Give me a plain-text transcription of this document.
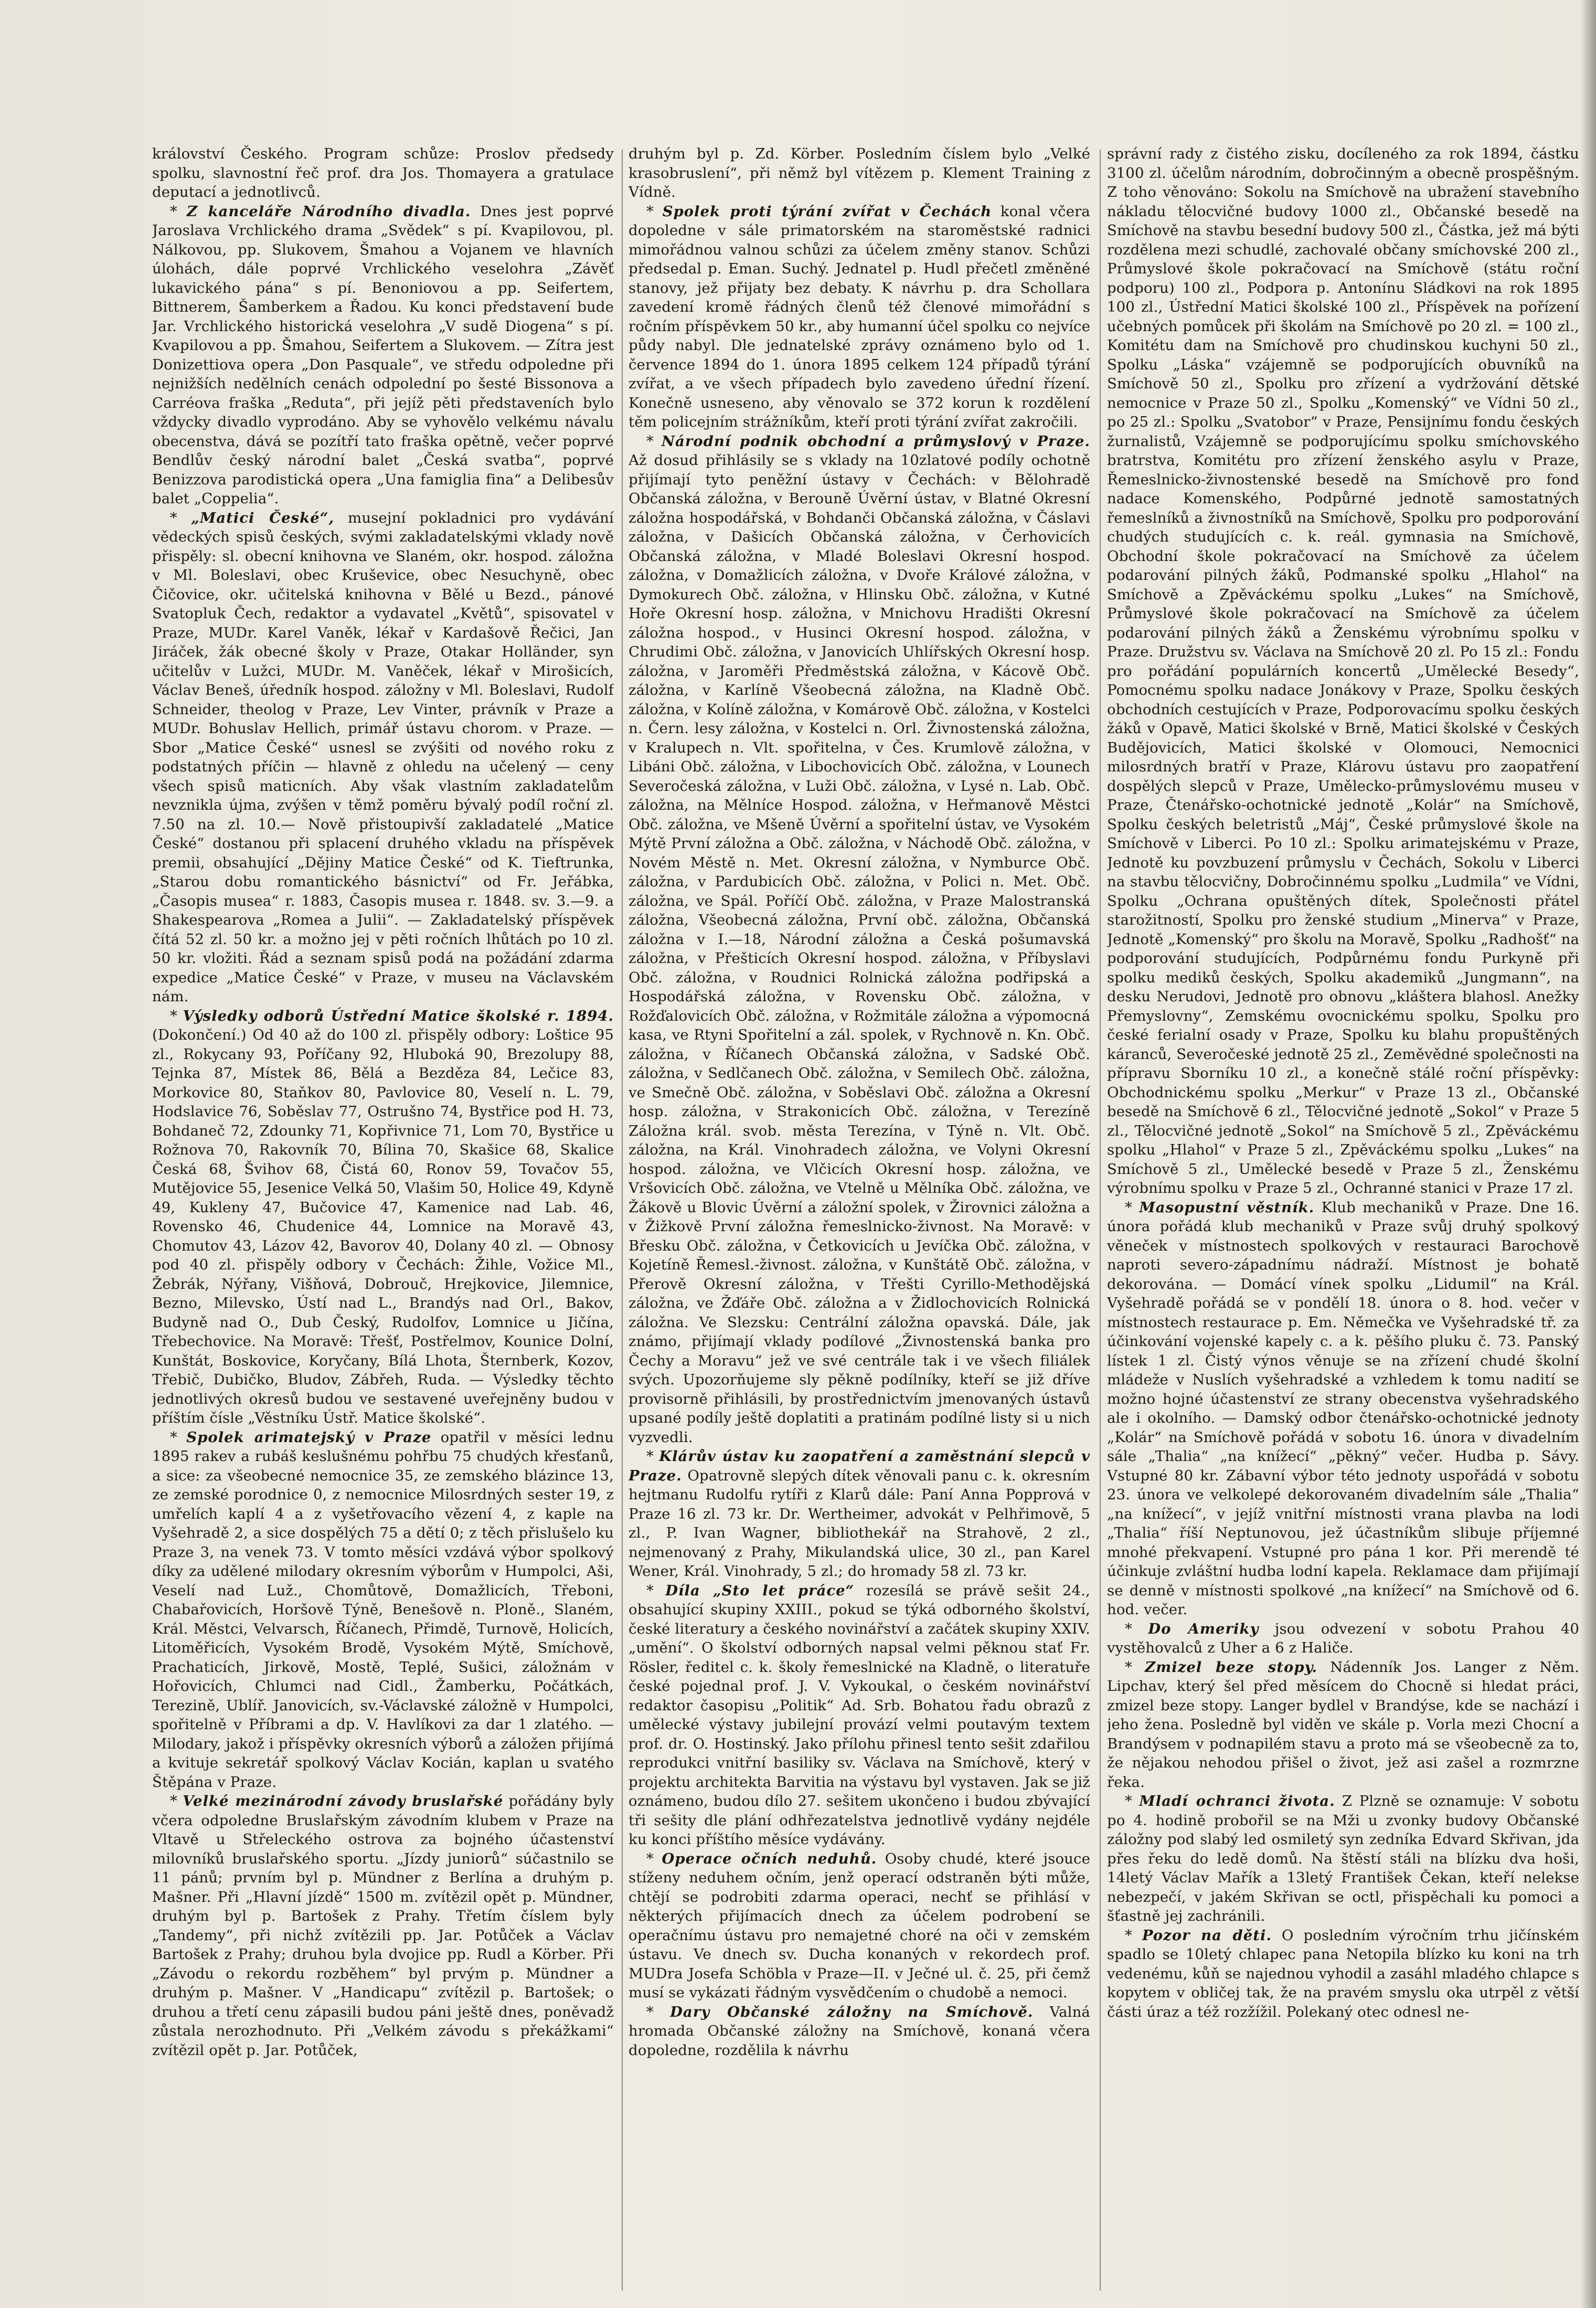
království Českého. Program schůze: Proslov předsedy spolku, slavnostní řeč prof. dra Jos. Thomayera a gratulace deputací a jednotlivců.

* Z kanceláře Národního divadla. Dnes jest poprvé Jaroslava Vrchlického drama „Svědek“ s pí. Kvapilovou, pl. Nálkovou, pp. Slukovem, Šmahou a Vojanem ve hlavních úlohách, dále poprvé Vrchlického veselohra „Závěť lukavického pána“ s pí. Benoniovou a pp. Seifertem, Bittnerem, Šamberkem a Řadou. Ku konci představení bude Jar. Vrchlického historická veselohra „V sudě Diogena“ s pí. Kvapilovou a pp. Šmahou, Seifertem a Slukovem. — Zítra jest Donizettiova opera „Don Pasquale“, ve středu odpoledne při nejnižších nedělních cenách odpolední po šesté Bissonova a Carréova fraška „Reduta“, při jejíž pěti představeních bylo vždycky divadlo vyprodáno. Aby se vyhovělo velkému návalu obecenstva, dává se pozítří tato fraška opětně, večer poprvé Bendlův český národní balet „Česká svatba“, poprvé Benizzova parodistická opera „Una famiglia fina“ a Delibesův balet „Coppelia“.

* „Matici České“, musejní pokladnici pro vydávání vědeckých spisů českých, svými zakladatelskými vklady nově přispěly: sl. obecní knihovna ve Slaném, okr. hospod. záložna v Ml. Boleslavi, obec Kruševice, obec Nesuchyně, obec Čičovice, okr. učitelská knihovna v Bělé u Bezd., pánové Svatopluk Čech, redaktor a vydavatel „Květů“, spisovatel v Praze, MUDr. Karel Vaněk, lékař v Kardašově Řečici, Jan Jiráček, žák obecné školy v Praze, Otakar Holländer, syn učitelův v Lužci, MUDr. M. Vaněček, lékař v Mirošicích, Václav Beneš, úředník hospod. záložny v Ml. Boleslavi, Rudolf Schneider, theolog v Praze, Lev Vinter, právník v Praze a MUDr. Bohuslav Hellich, primář ústavu chorom. v Praze. — Sbor „Matice České“ usnesl se zvýšiti od nového roku z podstatných příčin — hlavně z ohledu na učelený — ceny všech spisů maticních. Aby však vlastním zakladatelům nevznikla újma, zvýšen v těmž poměru bývalý podíl roční zl. 7.50 na zl. 10.— Nově přistoupivší zakladatelé „Matice České“ dostanou při splacení druhého vkladu na příspěvek premii, obsahující „Dějiny Matice České“ od K. Tieftrunka, „Starou dobu romantického básnictví“ od Fr. Jeřábka, „Časopis musea“ r. 1883, Časopis musea r. 1848. sv. 3.—9. a Shakespearova „Romea a Julii“. — Zakladatelský příspěvek čítá 52 zl. 50 kr. a možno jej v pěti ročních lhůtách po 10 zl. 50 kr. vložiti. Řád a seznam spisů podá na požádání zdarma expedice „Matice České“ v Praze, v museu na Václavském nám.

* Výsledky odborů Ústřední Matice školské r. 1894. (Dokončení.) Od 40 až do 100 zl. přispěly odbory: Loštice 95 zl., Rokycany 93, Poříčany 92, Hluboká 90, Brezolupy 88, Tejnka 87, Místek 86, Bělá a Bezděza 84, Lečice 83, Morkovice 80, Staňkov 80, Pavlovice 80, Veselí n. L. 79, Hodslavice 76, Soběslav 77, Ostrušno 74, Bystřice pod H. 73, Bohdaneč 72, Zdounky 71, Kopřivnice 71, Lom 70, Bystřice u Rožnova 70, Rakovník 70, Bílina 70, Skašice 68, Skalice Česká 68, Švihov 68, Čistá 60, Ronov 59, Tovačov 55, Mutějovice 55, Jesenice Velká 50, Vlašim 50, Holice 49, Kdyně 49, Kukleny 47, Bučovice 47, Kamenice nad Lab. 46, Rovensko 46, Chudenice 44, Lomnice na Moravě 43, Chomutov 43, Lázov 42, Bavorov 40, Dolany 40 zl. — Obnosy pod 40 zl. přispěly odbory v Čechách: Žihle, Vožice Ml., Žebrák, Nýřany, Višňová, Dobrouč, Hrejkovice, Jilemnice, Bezno, Milevsko, Ústí nad L., Brandýs nad Orl., Bakov, Budyně nad O., Dub Český, Rudolfov, Lomnice u Jičína, Třebechovice. Na Moravě: Třešť, Postřelmov, Kounice Dolní, Kunštát, Boskovice, Koryčany, Bílá Lhota, Šternberk, Kozov, Třebič, Dubičko, Bludov, Zábřeh, Ruda. — Výsledky těchto jednotlivých okresů budou ve sestavené uveřejněny budou v příštím čísle „Věstníku Ústř. Matice školské“.

* Spolek arimatejský v Praze opatřil v měsíci lednu 1895 rakev a rubáš keslušnému pohřbu 75 chudých křesťanů, a sice: za všeobecné nemocnice 35, ze zemského blázince 13, ze zemské porodnice 0, z nemocnice Milosrdných sester 19, z umřelích kaplí 4 a z vyšetřovacího vězení 4, z kaple na Vyšehradě 2, a sice dospělých 75 a dětí 0; z těch přislušelo ku Praze 3, na venek 73. V tomto měsíci vzdává výbor spolkový díky za udělené milodary okresním výborům v Humpolci, Aši, Veselí nad Luž., Chomůtově, Domažlicích, Třeboni, Chabařovicích, Horšově Týně, Benešově n. Ploně., Slaném, Král. Městci, Velvarsch, Říčanech, Přimdě, Turnově, Holicích, Litoměřicích, Vysokém Brodě, Vysokém Mýtě, Smíchově, Prachaticích, Jirkově, Mostě, Teplé, Sušici, záložnám v Hořovicích, Chlumci nad Cidl., Žamberku, Počátkách, Terezině, Ublíř. Janovicích, sv.-Václavské záložně v Humpolci, spořitelně v Příbrami a dp. V. Havlíkovi za dar 1 zlatého. — Milodary, jakož i příspěvky okresních výborů a záložen přijímá a kvituje sekretář spolkový Václav Kocián, kaplan u svatého Štěpána v Praze.

* Velké mezinárodní závody bruslařské pořádány byly včera odpoledne Bruslařským závodním klubem v Praze na Vltavě u Střeleckého ostrova za bojného účastenství milovníků bruslařského sportu. „Jízdy juniorů“ súčastnilo se 11 pánů; prvním byl p. Mündner z Berlína a druhým p. Mašner. Při „Hlavní jízdě“ 1500 m. zvítězil opět p. Mündner, druhým byl p. Bartošek z Prahy. Třetím číslem byly „Tandemy“, při nichž zvítězili pp. Jar. Potůček a Václav Bartošek z Prahy; druhou byla dvojice pp. Rudl a Körber. Při „Závodu o rekordu rozběhem“ byl prvým p. Mündner a druhým p. Mašner. V „Handicapu“ zvítězil p. Bartošek; o druhou a třetí cenu zápasili budou páni ještě dnes, poněvadž zůstala nerozhodnuto. Při „Velkém závodu s překážkami“ zvítězil opět p. Jar. Potůček,

druhým byl p. Zd. Körber. Posledním číslem bylo „Velké krasobruslení“, při němž byl vítězem p. Klement Training z Vídně.

* Spolek proti týrání zvířat v Čechách konal včera dopoledne v sále primatorském na staroměstské radnici mimořádnou valnou schůzi za účelem změny stanov. Schůzi předsedal p. Eman. Suchý. Jednatel p. Hudl přečetl změněné stanovy, jež přijaty bez debaty. K návrhu p. dra Schollara zavedení kromě řádných členů též členové mimořádní s ročním příspěvkem 50 kr., aby humanní účel spolku co nejvíce půdy nabyl. Dle jednatelské zprávy oznámeno bylo od 1. července 1894 do 1. února 1895 celkem 124 případů týrání zvířat, a ve všech případech bylo zavedeno úřední řízení. Konečně usneseno, aby věnovalo se 372 korun k rozdělení těm policejním strážníkům, kteří proti týrání zvířat zakročili.

* Národní podnik obchodní a průmyslový v Praze. Až dosud přihlásily se s vklady na 10zlatové podíly ochotně přijímají tyto peněžní ústavy v Čechách: v Bělohradě Občanská záložna, v Berouně Úvěrní ústav, v Blatné Okresní záložna hospodářská, v Bohdanči Občanská záložna, v Čáslavi záložna, v Dašicích Občanská záložna, v Čerhovicích Občanská záložna, v Mladé Boleslavi Okresní hospod. záložna, v Domažlicích záložna, v Dvoře Králové záložna, v Dymokurech Obč. záložna, v Hlinsku Obč. záložna, v Kutné Hoře Okresní hosp. záložna, v Mnichovu Hradišti Okresní záložna hospod., v Husinci Okresní hospod. záložna, v Chrudimi Obč. záložna, v Janovicích Uhlířských Okresní hosp. záložna, v Jaroměři Předměstská záložna, v Kácově Obč. záložna, v Karlíně Všeobecná záložna, na Kladně Obč. záložna, v Kolíně záložna, v Komárově Obč. záložna, v Kostelci n. Čern. lesy záložna, v Kostelci n. Orl. Živnostenská záložna, v Kralupech n. Vlt. spořitelna, v Čes. Krumlově záložna, v Libáni Obč. záložna, v Libochovicích Obč. záložna, v Lounech Severočeská záložna, v Luži Obč. záložna, v Lysé n. Lab. Obč. záložna, na Mělníce Hospod. záložna, v Heřmanově Městci Obč. záložna, ve Mšeně Úvěrní a spořitelní ústav, ve Vysokém Mýtě První záložna a Obč. záložna, v Náchodě Obč. záložna, v Novém Městě n. Met. Okresní záložna, v Nymburce Obč. záložna, v Pardubicích Obč. záložna, v Polici n. Met. Obč. záložna, ve Spál. Poříčí Obč. záložna, v Praze Malostranská záložna, Všeobecná záložna, První obč. záložna, Občanská záložna v I.—18, Národní záložna a Česká pošumavská záložna, v Přešticích Okresní hospod. záložna, v Příbyslavi Obč. záložna, v Roudnici Rolnická záložna podřipská a Hospodářská záložna, v Rovensku Obč. záložna, v Rožďalovicích Obč. záložna, v Rožmitále záložna a výpomocná kasa, ve Rtyni Spořitelní a zál. spolek, v Rychnově n. Kn. Obč. záložna, v Říčanech Občanská záložna, v Sadské Obč. záložna, v Sedlčanech Obč. záložna, v Semilech Obč. záložna, ve Smečně Obč. záložna, v Soběslavi Obč. záložna a Okresní hosp. záložna, v Strakonicích Obč. záložna, v Terezíně Záložna král. svob. města Terezína, v Týně n. Vlt. Obč. záložna, na Král. Vinohradech záložna, ve Volyni Okresní hospod. záložna, ve Vlčicích Okresní hosp. záložna, ve Vršovicích Obč. záložna, ve Vtelně u Mělníka Obč. záložna, ve Žákově u Blovic Úvěrní a záložní spolek, v Žirovnici záložna a v Žižkově První záložna řemeslnicko-živnost. Na Moravě: v Břesku Obč. záložna, v Četkovicích u Jevíčka Obč. záložna, v Kojetíně Řemesl.-živnost. záložna, v Kunštátě Obč. záložna, v Přerově Okresní záložna, v Třešti Cyrillo-Methodějská záložna, ve Žďáře Obč. záložna a v Židlochovicích Rolnická záložna. Ve Slezsku: Centrální záložna opavská. Dále, jak známo, přijímají vklady podílové „Živnostenská banka pro Čechy a Moravu“ jež ve své centrále tak i ve všech filiálek svých. Upozorňujeme sly pěkně podílníky, kteří se již dříve provisorně přihlásili, by prostřednictvím jmenovaných ústavů upsané podíly ještě doplatiti a pratinám podílné listy si u nich vyzvedli.

* Klárův ústav ku zaopatření a zaměstnání slepců v Praze. Opatrovně slepých dítek věnovali panu c. k. okresním hejtmanu Rudolfu rytíři z Klarů dále: Paní Anna Popprová v Praze 16 zl. 73 kr. Dr. Wertheimer, advokát v Pelhřimově, 5 zl., P. Ivan Wagner, bibliothekář na Strahově, 2 zl., nejmenovaný z Prahy, Mikulandská ulice, 30 zl., pan Karel Wener, Král. Vinohrady, 5 zl.; do hromady 58 zl. 73 kr.

* Díla „Sto let práce“ rozesílá se právě sešit 24., obsahující skupiny XXIII., pokud se týká odborného školství, české literatury a českého novinářství a začátek skupiny XXIV. „umění“. O školství odborných napsal velmi pěknou stať Fr. Rösler, ředitel c. k. školy řemeslnické na Kladně, o literatuře české pojednal prof. J. V. Vykoukal, o českém novinářství redaktor časopisu „Politik“ Ad. Srb. Bohatou řadu obrazů z umělecké výstavy jubilejní provází velmi poutavým textem prof. dr. O. Hostinský. Jako přílohu přinesl tento sešit zdařilou reprodukci vnitřní basiliky sv. Václava na Smíchově, který v projektu architekta Barvitia na výstavu byl vystaven. Jak se již oznámeno, budou dílo 27. sešitem ukončeno i budou zbývající tři sešity dle plání odhřezatelstva jednotlivě vydány nejdéle ku konci příštího měsíce vydávány.

* Operace očních neduhů. Osoby chudé, které jsouce stíženy neduhem očním, jenž operací odstraněn býti může, chtějí se podrobiti zdarma operaci, nechť se přihlásí v některých přijímacích dnech za účelem podrobení se operačnímu ústavu pro nemajetné choré na oči v zemském ústavu. Ve dnech sv. Ducha konaných v rekordech prof. MUDra Josefa Schöbla v Praze—II. v Ječné ul. č. 25, při čemž musí se vykázati řádným vysvědčením o chudobě a nemoci.

* Dary Občanské záložny na Smíchově. Valná hromada Občanské záložny na Smíchově, konaná včera dopoledne, rozdělila k návrhu

správní rady z čistého zisku, docíleného za rok 1894, částku 3100 zl. účelům národním, dobročinným a obecně prospěšným. Z toho věnováno: Sokolu na Smíchově na ubražení stavebního nákladu tělocvičné budovy 1000 zl., Občanské besedě na Smíchově na stavbu besední budovy 500 zl., Částka, jež má býti rozdělena mezi schudlé, zachovalé občany smíchovské 200 zl., Průmyslové škole pokračovací na Smíchově (státu roční podporu) 100 zl., Podpora p. Antonínu Sládkovi na rok 1895 100 zl., Ústřední Matici školské 100 zl., Příspěvek na pořízení učebných pomůcek při školám na Smíchově po 20 zl. = 100 zl., Komitétu dam na Smíchově pro chudinskou kuchyni 50 zl., Spolku „Láska“ vzájemně se podporujících obuvníků na Smíchově 50 zl., Spolku pro zřízení a vydržování dětské nemocnice v Praze 50 zl., Spolku „Komenský“ ve Vídni 50 zl., po 25 zl.: Spolku „Svatobor“ v Praze, Pensijnímu fondu českých žurnalistů, Vzájemně se podporujícímu spolku smíchovského bratrstva, Komitétu pro zřízení ženského asylu v Praze, Řemeslnicko-živnostenské besedě na Smíchově pro fond nadace Komenského, Podpůrné jednotě samostatných řemeslníků a živnostníků na Smíchově, Spolku pro podporování chudých studujících c. k. reál. gymnasia na Smíchově, Obchodní škole pokračovací na Smíchově za účelem podarování pilných žáků, Podmanské spolku „Hlahol“ na Smíchově a Zpěváckému spolku „Lukes“ na Smíchově, Průmyslové škole pokračovací na Smíchově za účelem podarování pilných žáků a Ženskému výrobnímu spolku v Praze. Družstvu sv. Václava na Smíchově 20 zl. Po 15 zl.: Fondu pro pořádání populárních koncertů „Umělecké Besedy“, Pomocnému spolku nadace Jonákovy v Praze, Spolku českých obchodních cestujících v Praze, Podporovacímu spolku českých žáků v Opavě, Matici školské v Brně, Matici školské v Českých Budějovicích, Matici školské v Olomouci, Nemocnici milosrdných bratří v Praze, Klárovu ústavu pro zaopatření dospělých slepců v Praze, Umělecko-průmyslovému museu v Praze, Čtenářsko-ochotnické jednotě „Kolár“ na Smíchově, Spolku českých beletristů „Máj“, České průmyslové škole na Smíchově v Liberci. Po 10 zl.: Spolku arimatejskému v Praze, Jednotě ku povzbuzení průmyslu v Čechách, Sokolu v Liberci na stavbu tělocvičny, Dobročinnému spolku „Ludmila“ ve Vídni, Spolku „Ochrana opuštěných dítek, Společnosti přátel starožitností, Spolku pro ženské studium „Minerva“ v Praze, Jednotě „Komenský“ pro školu na Moravě, Spolku „Radhošť“ na podporování studujících, Podpůrnému fondu Purkyně při spolku mediků českých, Spolku akademiků „Jungmann“, na desku Nerudovi, Jednotě pro obnovu „kláštera blahosl. Anežky Přemyslovny“, Zemskému ovocnickému spolku, Spolku pro české ferialní osady v Praze, Spolku ku blahu propuštěných káranců, Severočeské jednotě 25 zl., Zeměvědné společnosti na přípravu Sborníku 10 zl., a konečně stálé roční příspěvky: Obchodnickému spolku „Merkur“ v Praze 13 zl., Občanské besedě na Smíchově 6 zl., Tělocvičné jednotě „Sokol“ v Praze 5 zl., Tělocvičné jednotě „Sokol“ na Smíchově 5 zl., Zpěváckému spolku „Hlahol“ v Praze 5 zl., Zpěváckému spolku „Lukes“ na Smíchově 5 zl., Umělecké besedě v Praze 5 zl., Ženskému výrobnímu spolku v Praze 5 zl., Ochranné stanici v Praze 17 zl.

* Masopustní věstník. Klub mechaniků v Praze. Dne 16. února pořádá klub mechaniků v Praze svůj druhý spolkový věneček v místnostech spolkových v restauraci Barochově naproti severo-západnímu nádraží. Místnost je bohatě dekorována. — Domácí vínek spolku „Lidumil“ na Král. Vyšehradě pořádá se v pondělí 18. února o 8. hod. večer v místnostech restaurace p. Em. Němečka ve Vyšehradské tř. za účinkování vojenské kapely c. a k. pěšího pluku č. 73. Panský lístek 1 zl. Čistý výnos věnuje se na zřízení chudé školní mládeže v Nuslích vyšehradské a vzhledem k tomu nadití se možno hojné účastenství ze strany obecenstva vyšehradského ale i okolního. — Damský odbor čtenářsko-ochotnické jednoty „Kolár“ na Smíchově pořádá v sobotu 16. února v divadelním sále „Thalia“ „na knížecí“ „pěkný“ večer. Hudba p. Sávy. Vstupné 80 kr. Zábavní výbor této jednoty uspořádá v sobotu 23. února ve velkolepé dekorovaném divadelním sále „Thalia“ „na knížecí“, v jejíž vnitřní místnosti vrana plavba na lodi „Thalia“ říší Neptunovou, jež účastníkům slibuje příjemné mnohé překvapení. Vstupné pro pána 1 kor. Při merendě té účinkuje zvláštní hudba lodní kapela. Reklamace dam přijímají se denně v místnosti spolkové „na knížecí“ na Smíchově od 6. hod. večer.

* Do Ameriky jsou odvezení v sobotu Prahou 40 vystěhovalců z Uher a 6 z Haliče.

* Zmizel beze stopy. Nádenník Jos. Langer z Něm. Lipchav, který šel před měsícem do Chocně si hledat práci, zmizel beze stopy. Langer bydlel v Brandýse, kde se nachází i jeho žena. Posledně byl viděn ve skále p. Vorla mezi Chocní a Brandýsem v podnapilém stavu a proto má se všeobecně za to, že nějakou nehodou přišel o život, jež asi zašel a rozmrzne řeka.

* Mladí ochranci života. Z Plzně se oznamuje: V sobotu po 4. hodině probořil se na Mži u zvonky budovy Občanské záložny pod slabý led osmiletý syn zedníka Edvard Skřivan, jda přes řeku do ledě domů. Na štěstí stáli na blízku dva hoši, 14letý Václav Mařík a 13letý František Čekan, kteří nelekse nebezpečí, v jakém Skřivan se octl, přispěchali ku pomoci a šťastně jej zachránili.

* Pozor na děti. O posledním výročním trhu jičínském spadlo se 10letý chlapec pana Netopila blízko ku koni na trh vedenému, kůň se najednou vyhodil a zasáhl mladého chlapce s kopytem v obličej tak, že na pravém smyslu oka utrpěl z větší části úraz a též rozžížil. Polekaný otec odnesl ne-
